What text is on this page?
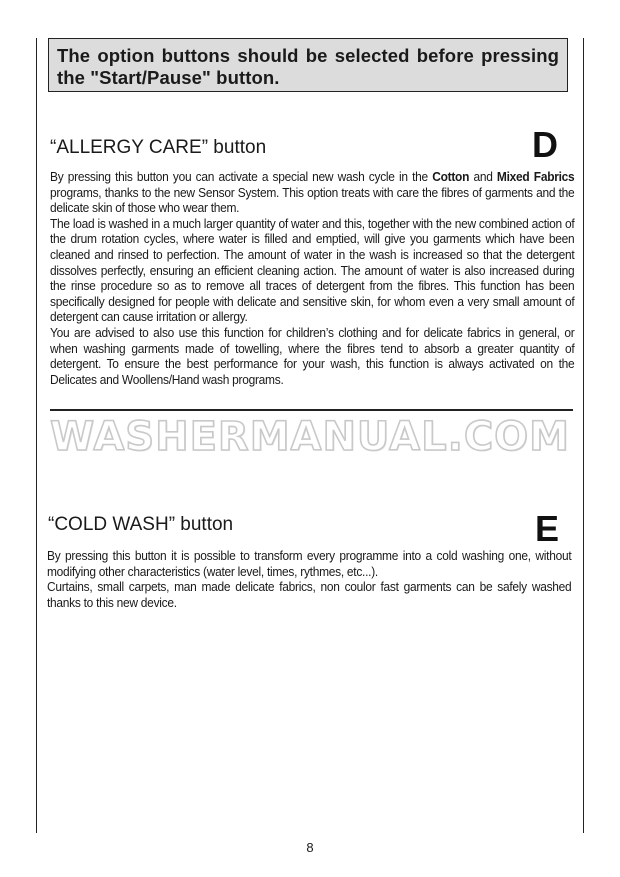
The option buttons should be selected before pressing the "Start/Pause" button.
“ALLERGY CARE” button	D

By pressing this button you can activate a special new wash cycle in the Cotton and Mixed Fabrics programs, thanks to the new Sensor System. This option treats with care the fibres of garments and the delicate skin of those who wear them.

The load is washed in a much larger quantity of water and this, together with the new combined action of the drum rotation cycles, where water is filled and emptied, will give you garments which have been cleaned and rinsed to perfection. The amount of water in the wash is increased so that the detergent dissolves perfectly, ensuring an efficient cleaning action. The amount of water is also increased during the rinse procedure so as to remove all traces of detergent from the fibres. This function has been specifically designed for people with delicate and sensitive skin, for whom even a very small amount of detergent can cause irritation or allergy.

You are advised to also use this function for children’s clothing and for delicate fabrics in general, or when washing garments made of towelling, where the fibres tend to absorb a greater quantity of detergent. To ensure the best performance for your wash, this function is always activated on the Delicates and Woollens/Hand wash programs.

WASHERMANUAL.COM
“COLD WASH” button	E

By pressing this button it is possible to transform every programme into a cold washing one, without modifying other characteristics (water level, times, rythmes, etc...).

Curtains, small carpets, man made delicate fabrics, non coulor fast garments can be safely washed thanks to this new device.

8
